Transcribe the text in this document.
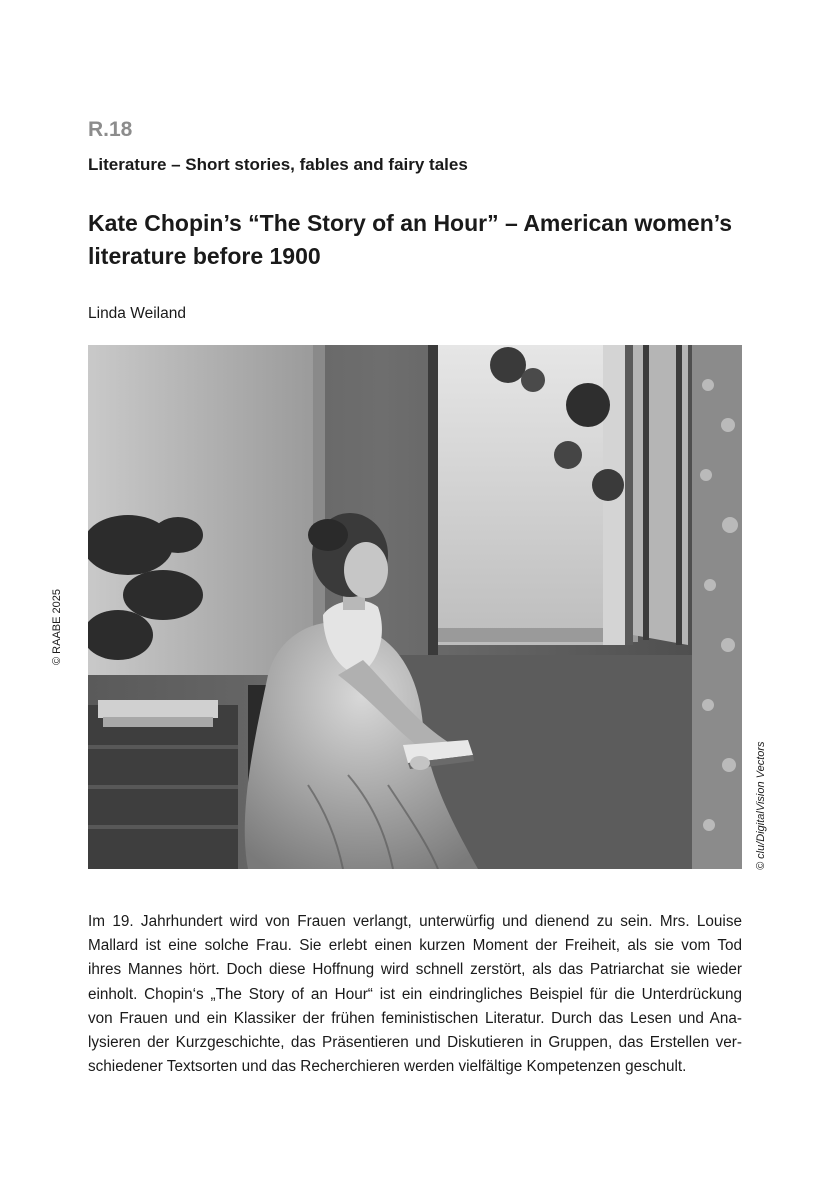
R.18
Literature – Short stories, fables and fairy tales
Kate Chopin’s “The Story of an Hour” – American women’s
literature before 1900
Linda Weiland
© RAABE 2025
© clu/DigitalVision Vectors

Im 19. Jahrhundert wird von Frauen verlangt, unterwürfig und dienend zu sein. Mrs. Louise
Mallard ist eine solche Frau. Sie erlebt einen kurzen Moment der Freiheit, als sie vom Tod
ihres Mannes hört. Doch diese Hoffnung wird schnell zerstört, als das Patriarchat sie wieder
einholt. Chopin‘s „The Story of an Hour“ ist ein eindringliches Beispiel für die Unterdrückung
von Frauen und ein Klassiker der frühen feministischen Literatur. Durch das Lesen und Ana-
lysieren der Kurzgeschichte, das Präsentieren und Diskutieren in Gruppen, das Erstellen ver-
schiedener Textsorten und das Recherchieren werden vielfältige Kompetenzen geschult.
